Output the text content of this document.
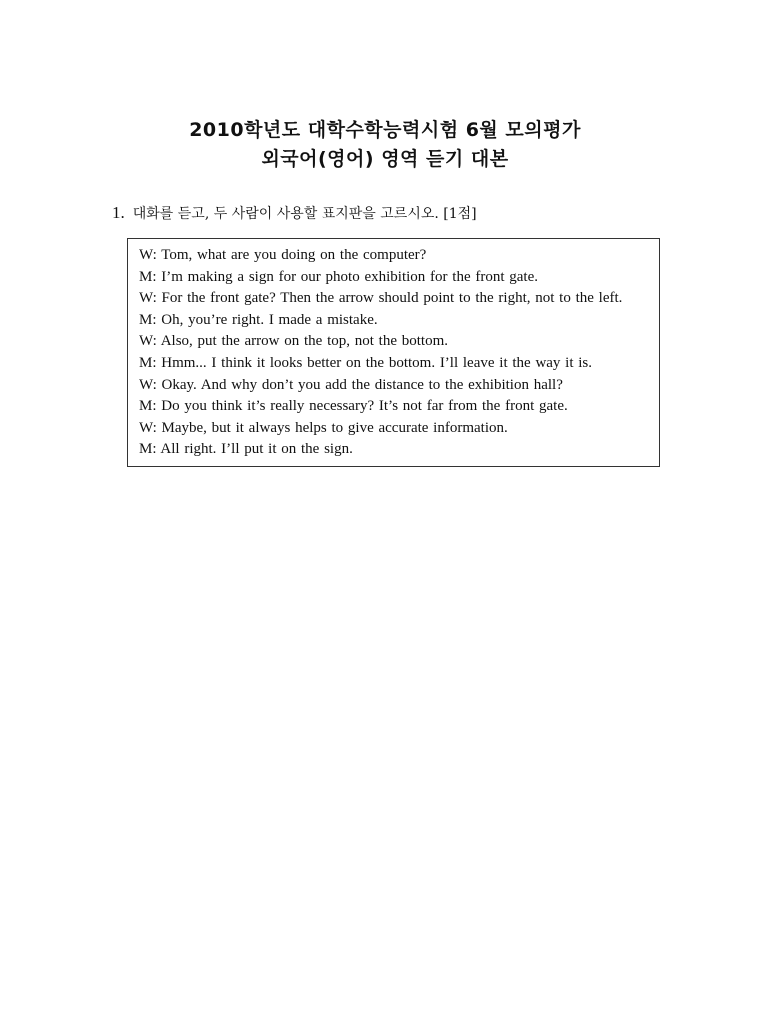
2010학년도 대학수학능력시험 6월 모의평가
외국어(영어) 영역 듣기 대본
1. 대화를 듣고, 두 사람이 사용할 표지판을 고르시오. [1점]
W: Tom, what are you doing on the computer?
M: I’m making a sign for our photo exhibition for the front gate.
W: For the front gate? Then the arrow should point to the right, not to the left.
M: Oh, you’re right. I made a mistake.
W: Also, put the arrow on the top, not the bottom.
M: Hmm... I think it looks better on the bottom. I’ll leave it the way it is.
W: Okay. And why don’t you add the distance to the exhibition hall?
M: Do you think it’s really necessary? It’s not far from the front gate.
W: Maybe, but it always helps to give accurate information.
M: All right. I’ll put it on the sign.
